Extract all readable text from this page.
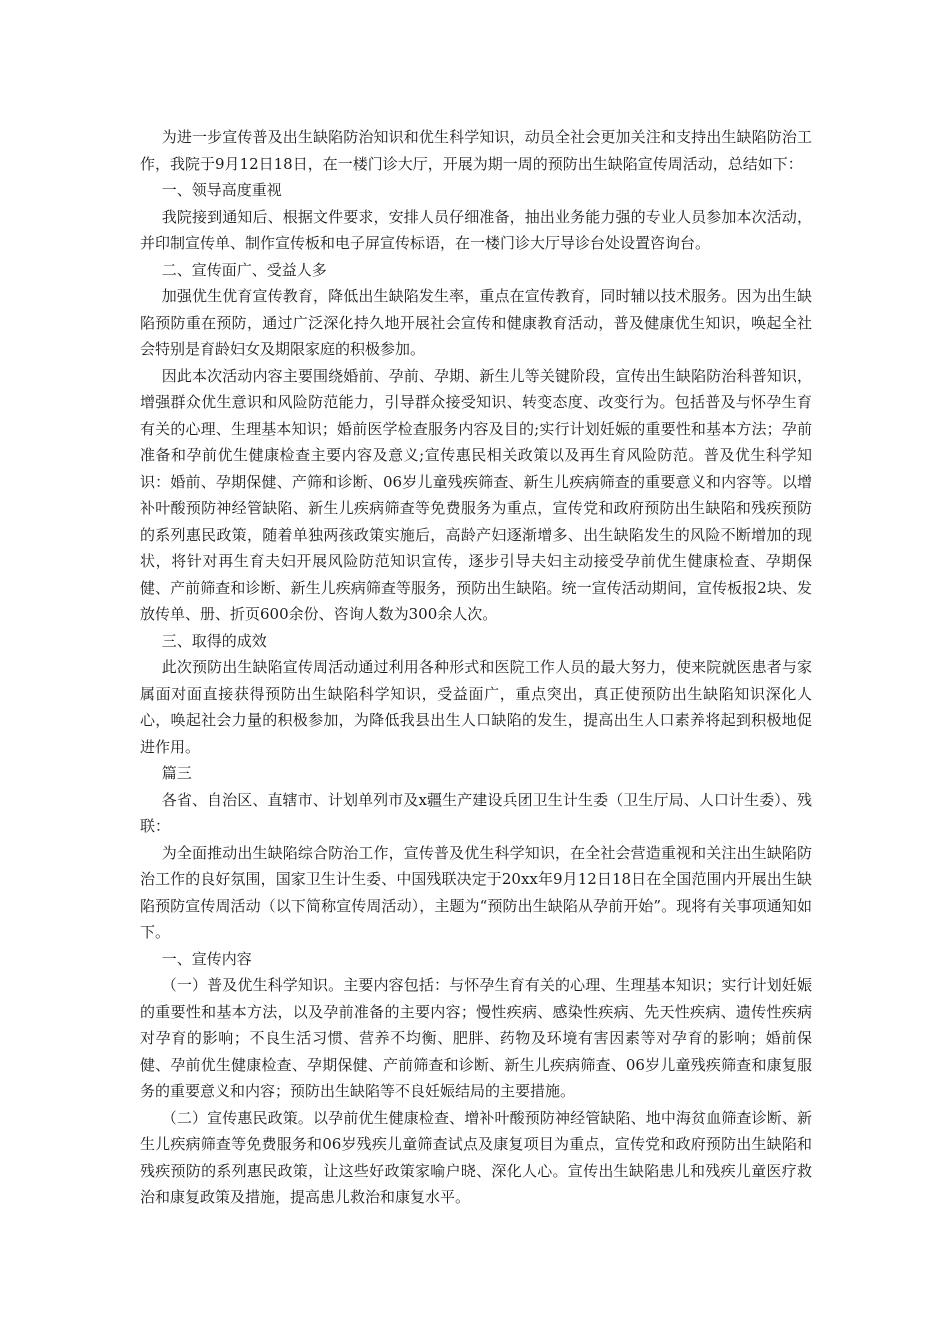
为进一步宣传普及出生缺陷防治知识和优生科学知识，动员全社会更加关注和支持出生缺陷防治工作，我院于9月12日18日，在一楼门诊大厅，开展为期一周的预防出生缺陷宣传周活动，总结如下：

一、领导高度重视

我院接到通知后、根据文件要求，安排人员仔细准备，抽出业务能力强的专业人员参加本次活动，并印制宣传单、制作宣传板和电子屏宣传标语，在一楼门诊大厅导诊台处设置咨询台。

二、宣传面广、受益人多

加强优生优育宣传教育，降低出生缺陷发生率，重点在宣传教育，同时辅以技术服务。因为出生缺陷预防重在预防，通过广泛深化持久地开展社会宣传和健康教育活动，普及健康优生知识，唤起全社会特别是育龄妇女及期限家庭的积极参加。

因此本次活动内容主要围绕婚前、孕前、孕期、新生儿等关键阶段，宣传出生缺陷防治科普知识，增强群众优生意识和风险防范能力，引导群众接受知识、转变态度、改变行为。包括普及与怀孕生育有关的心理、生理基本知识；婚前医学检查服务内容及目的;实行计划妊娠的重要性和基本方法；孕前准备和孕前优生健康检查主要内容及意义;宣传惠民相关政策以及再生育风险防范。普及优生科学知识：婚前、孕期保健、产筛和诊断、06岁儿童残疾筛查、新生儿疾病筛查的重要意义和内容等。以增补叶酸预防神经管缺陷、新生儿疾病筛查等免费服务为重点，宣传党和政府预防出生缺陷和残疾预防的系列惠民政策，随着单独两孩政策实施后，高龄产妇逐渐增多、出生缺陷发生的风险不断增加的现状，将针对再生育夫妇开展风险防范知识宣传，逐步引导夫妇主动接受孕前优生健康检查、孕期保健、产前筛查和诊断、新生儿疾病筛查等服务，预防出生缺陷。统一宣传活动期间，宣传板报2块、发放传单、册、折页600余份、咨询人数为300余人次。

三、取得的成效

此次预防出生缺陷宣传周活动通过利用各种形式和医院工作人员的最大努力，使来院就医患者与家属面对面直接获得预防出生缺陷科学知识，受益面广，重点突出，真正使预防出生缺陷知识深化人心，唤起社会力量的积极参加，为降低我县出生人口缺陷的发生，提高出生人口素养将起到积极地促进作用。

篇三

各省、自治区、直辖市、计划单列市及x疆生产建设兵团卫生计生委（卫生厅局、人口计生委）、残联：

为全面推动出生缺陷综合防治工作，宣传普及优生科学知识，在全社会营造重视和关注出生缺陷防治工作的良好氛围，国家卫生计生委、中国残联决定于20xx年9月12日18日在全国范围内开展出生缺陷预防宣传周活动（以下简称宣传周活动），主题为“预防出生缺陷从孕前开始”。现将有关事项通知如下。

一、宣传内容

（一）普及优生科学知识。主要内容包括：与怀孕生育有关的心理、生理基本知识；实行计划妊娠的重要性和基本方法，以及孕前准备的主要内容；慢性疾病、感染性疾病、先天性疾病、遗传性疾病对孕育的影响；不良生活习惯、营养不均衡、肥胖、药物及环境有害因素等对孕育的影响；婚前保健、孕前优生健康检查、孕期保健、产前筛查和诊断、新生儿疾病筛查、06岁儿童残疾筛查和康复服务的重要意义和内容；预防出生缺陷等不良妊娠结局的主要措施。

（二）宣传惠民政策。以孕前优生健康检查、增补叶酸预防神经管缺陷、地中海贫血筛查诊断、新生儿疾病筛查等免费服务和06岁残疾儿童筛查试点及康复项目为重点，宣传党和政府预防出生缺陷和残疾预防的系列惠民政策，让这些好政策家喻户晓、深化人心。宣传出生缺陷患儿和残疾儿童医疗救治和康复政策及措施，提高患儿救治和康复水平。
